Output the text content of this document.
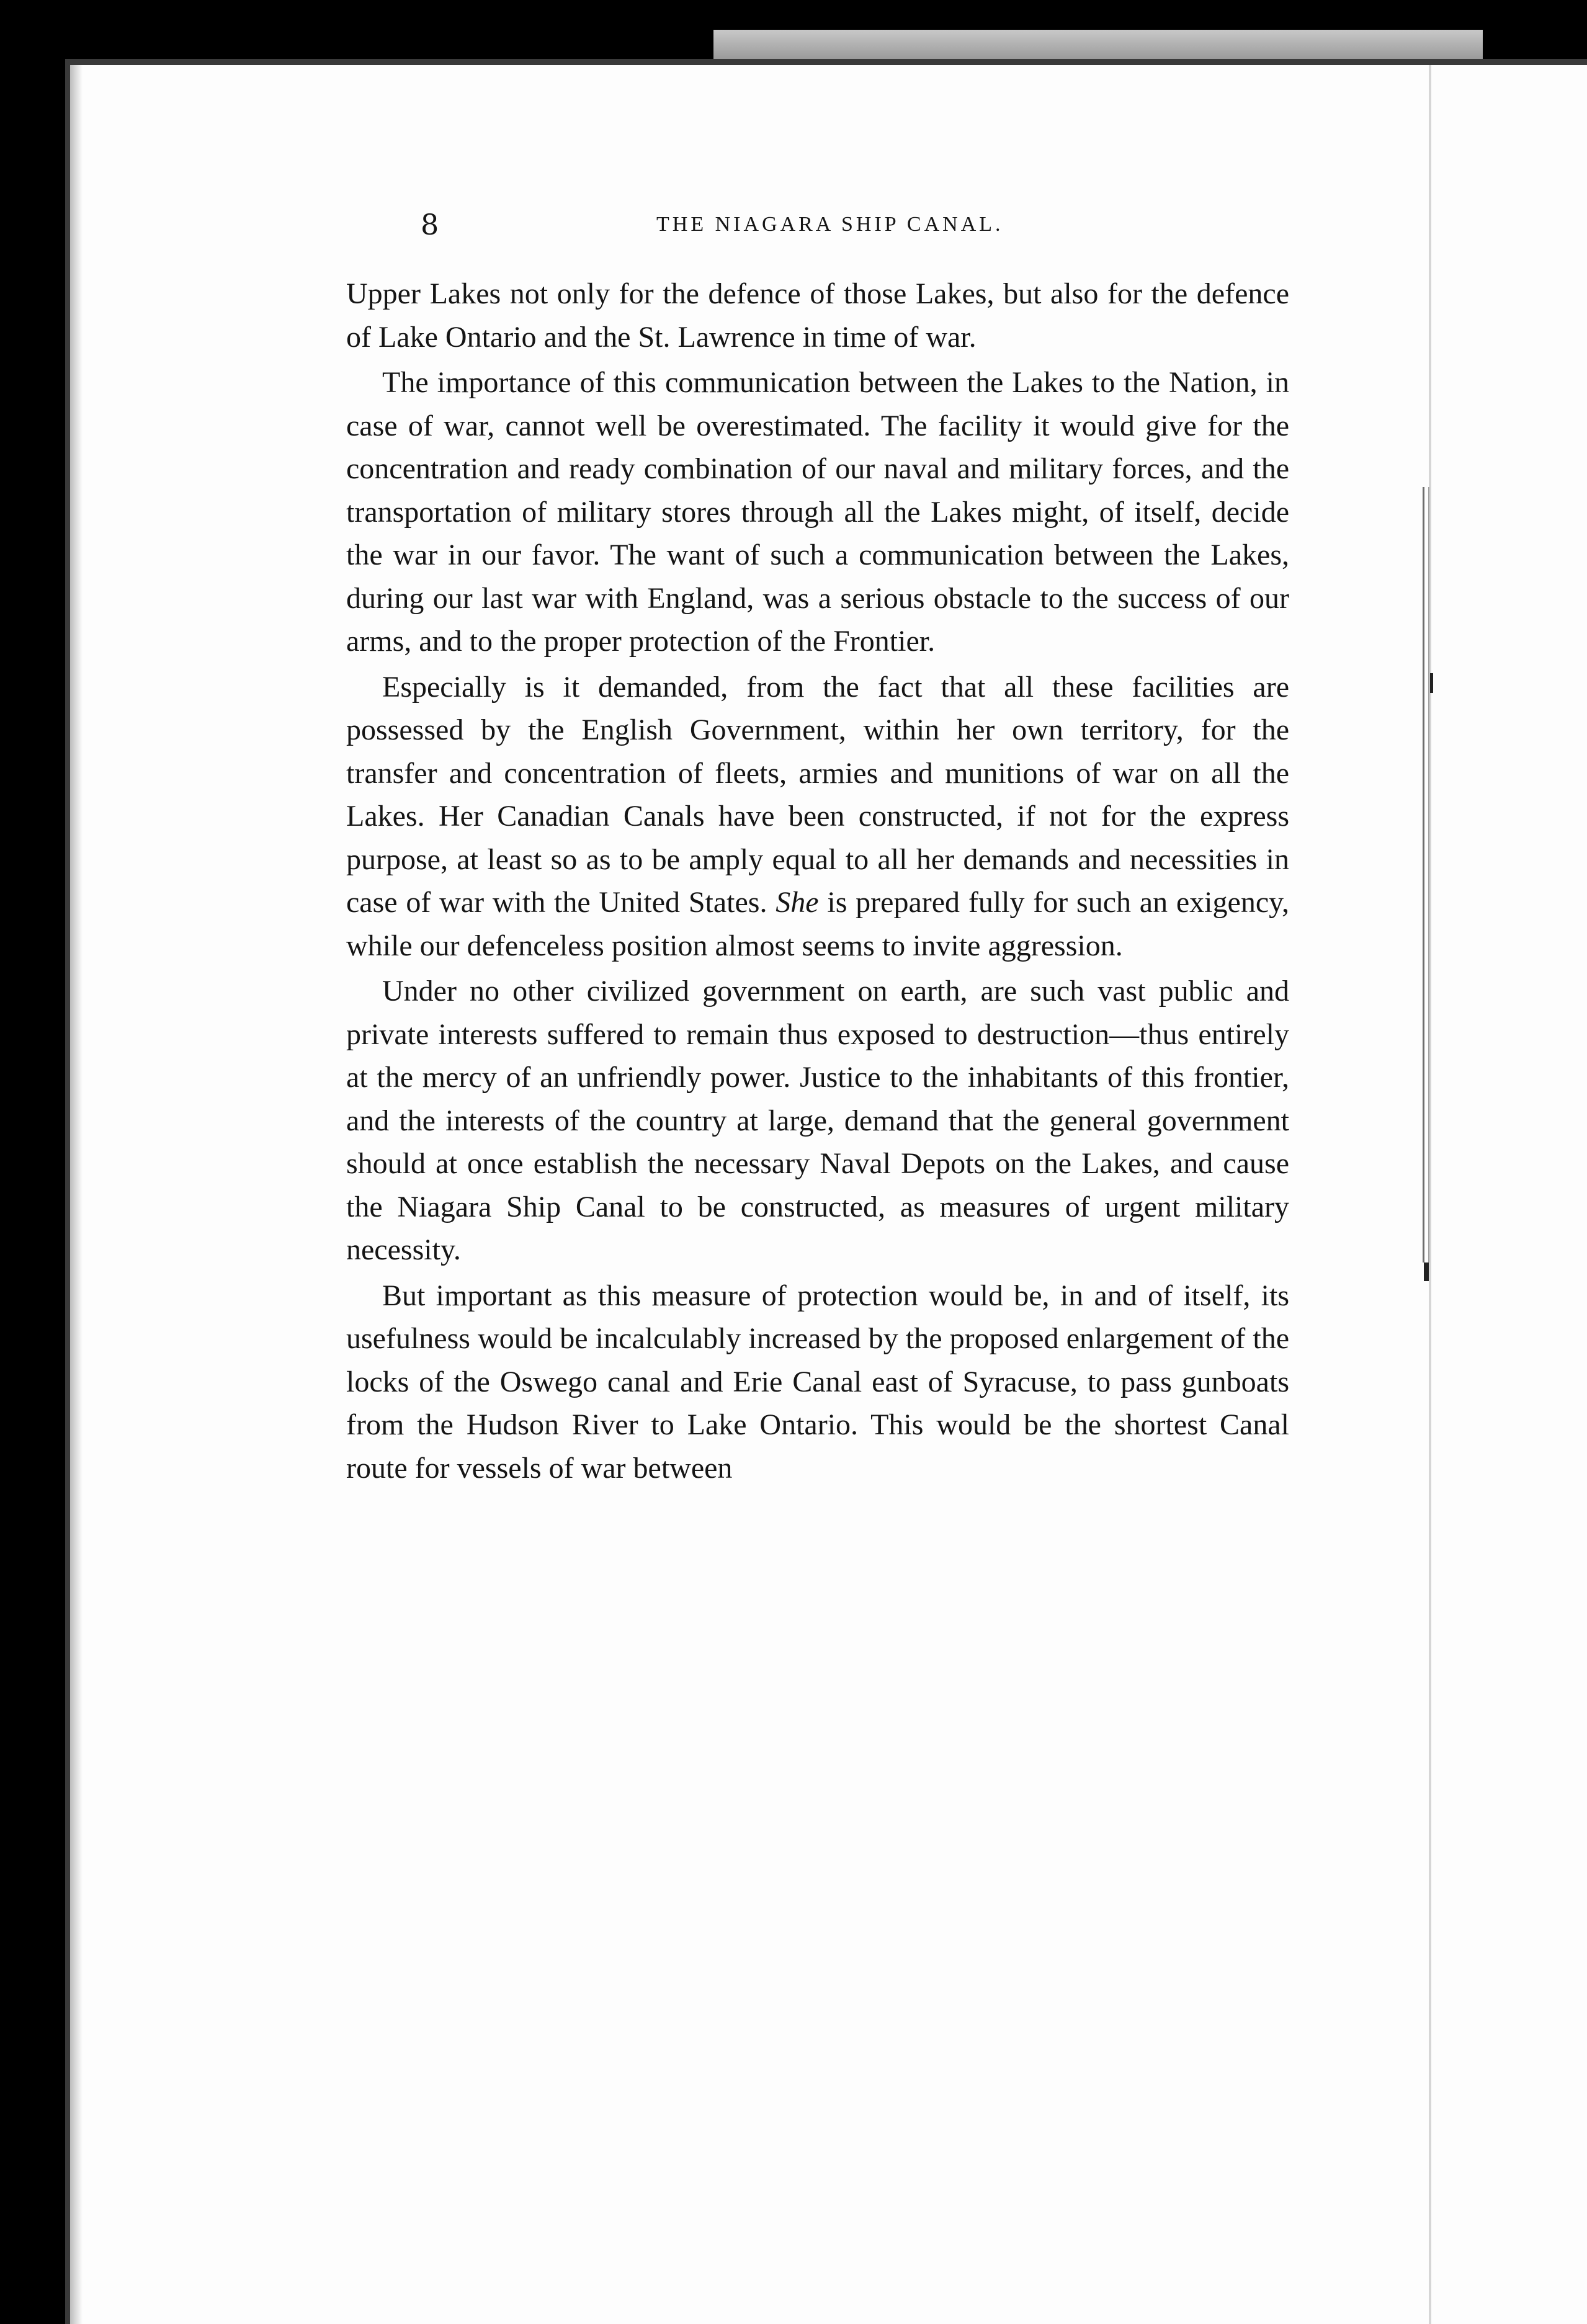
8	THE NIAGARA SHIP CANAL.

Upper Lakes not only for the defence of those Lakes, but also for the defence of Lake Ontario and the St. Lawrence in time of war.

The importance of this communication between the Lakes to the Nation, in case of war, cannot well be overestimated. The facility it would give for the concentration and ready combination of our naval and military forces, and the transportation of military stores through all the Lakes might, of itself, decide the war in our favor. The want of such a communication between the Lakes, during our last war with England, was a serious obstacle to the success of our arms, and to the proper protection of the Frontier.

Especially is it demanded, from the fact that all these facilities are possessed by the English Government, within her own territory, for the transfer and concentration of fleets, armies and munitions of war on all the Lakes. Her Canadian Canals have been constructed, if not for the express purpose, at least so as to be amply equal to all her demands and necessities in case of war with the United States. She is prepared fully for such an exigency, while our defenceless position almost seems to invite aggression.

Under no other civilized government on earth, are such vast public and private interests suffered to remain thus exposed to destruction—thus entirely at the mercy of an unfriendly power. Justice to the inhabitants of this frontier, and the interests of the country at large, demand that the general government should at once establish the necessary Naval Depots on the Lakes, and cause the Niagara Ship Canal to be constructed, as measures of urgent military necessity.

But important as this measure of protection would be, in and of itself, its usefulness would be incalculably increased by the proposed enlargement of the locks of the Oswego canal and Erie Canal east of Syracuse, to pass gunboats from the Hudson River to Lake Ontario. This would be the shortest Canal route for vessels of war between
